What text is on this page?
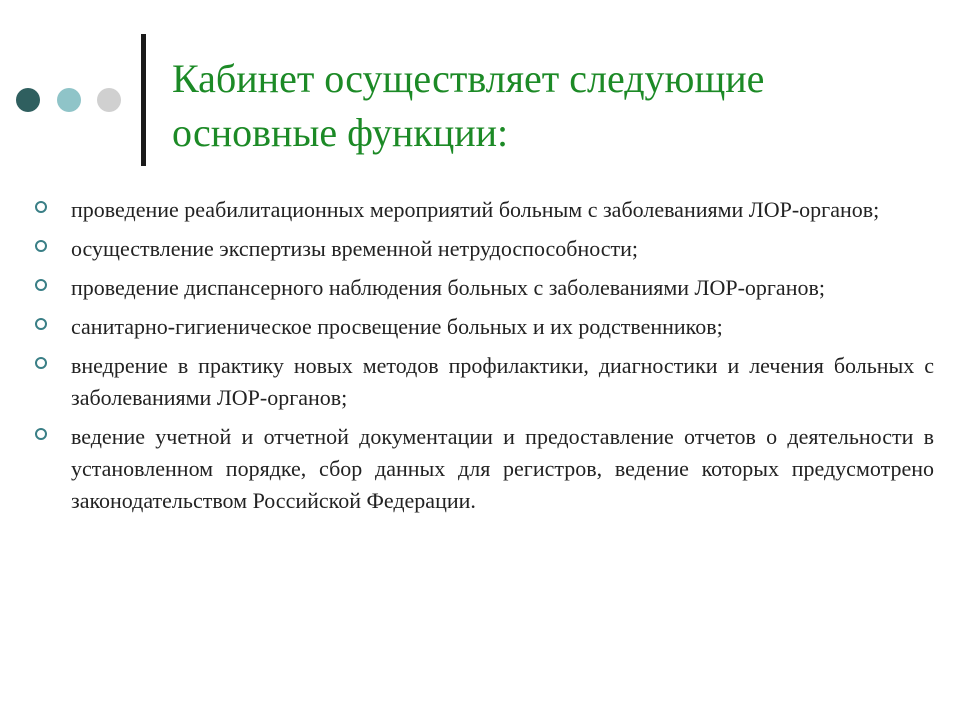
Кабинет осуществляет следующие
основные функции:
проведение реабилитационных мероприятий больным с заболеваниями ЛОР-органов;
осуществление экспертизы временной нетрудоспособности;
проведение диспансерного наблюдения больных с заболеваниями ЛОР-органов;
санитарно-гигиеническое просвещение больных и их родственников;
внедрение в практику новых методов профилактики, диагностики и лечения больных с заболеваниями ЛОР-органов;
ведение учетной и отчетной документации и предоставление отчетов о деятельности в установленном порядке, сбор данных для регистров, ведение которых предусмотрено законодательством Российской Федерации.
